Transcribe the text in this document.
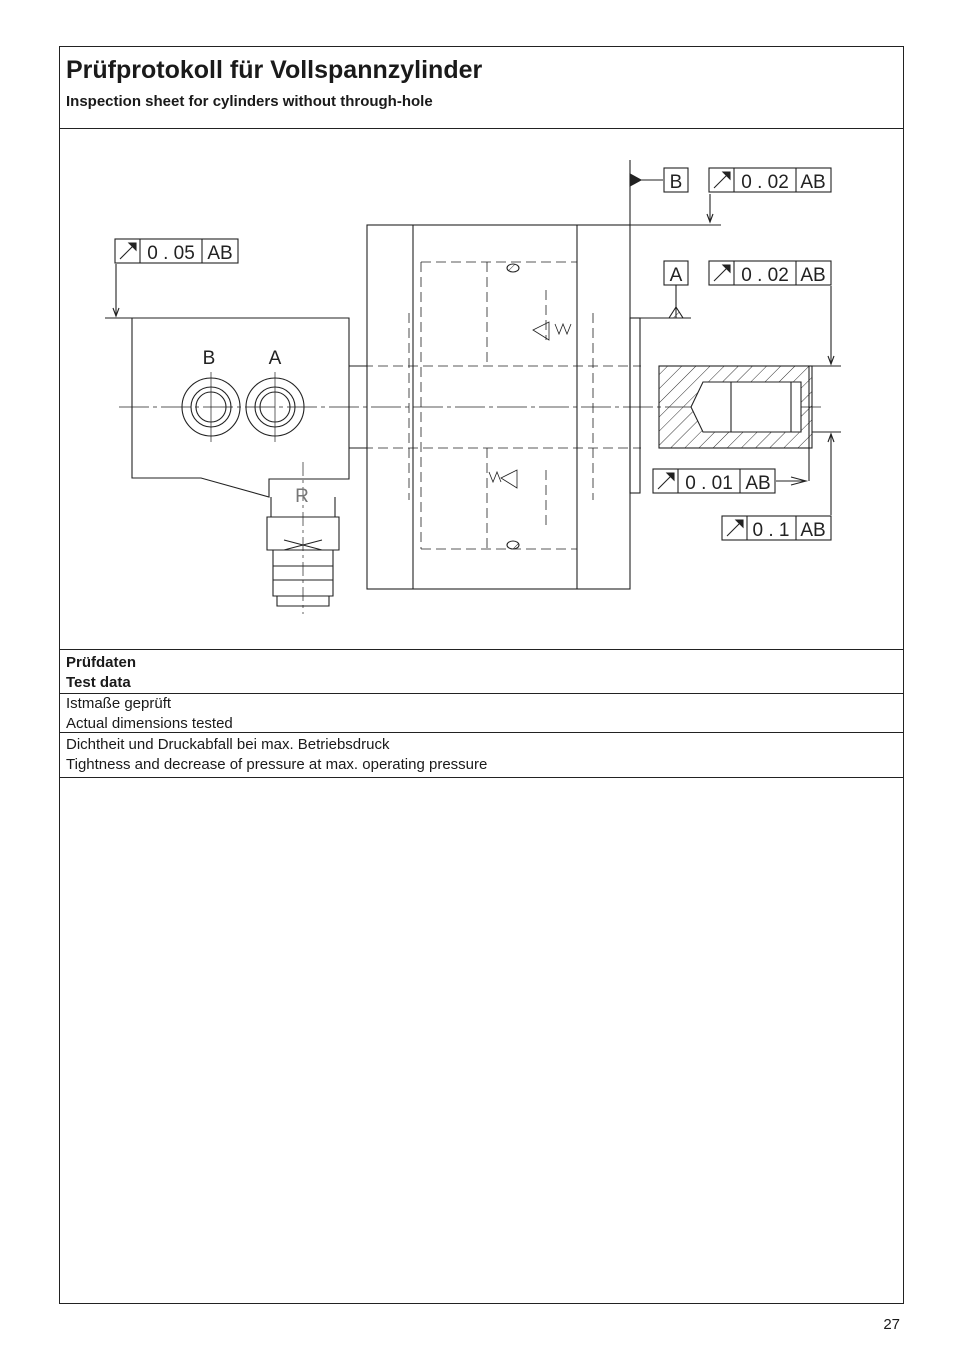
Prüfprotokoll für Vollspannzylinder

Inspection sheet for cylinders without through-hole

B	A
R
B
A
0 . 02 AB
0 . 02 AB
0 . 05 AB
0 . 01 AB
0 . 1 AB
Prüfdaten
Test data
Istmaße geprüft
Actual dimensions tested
Dichtheit und Druckabfall bei max. Betriebsdruck
Tightness and decrease of pressure at max. operating pressure
27
